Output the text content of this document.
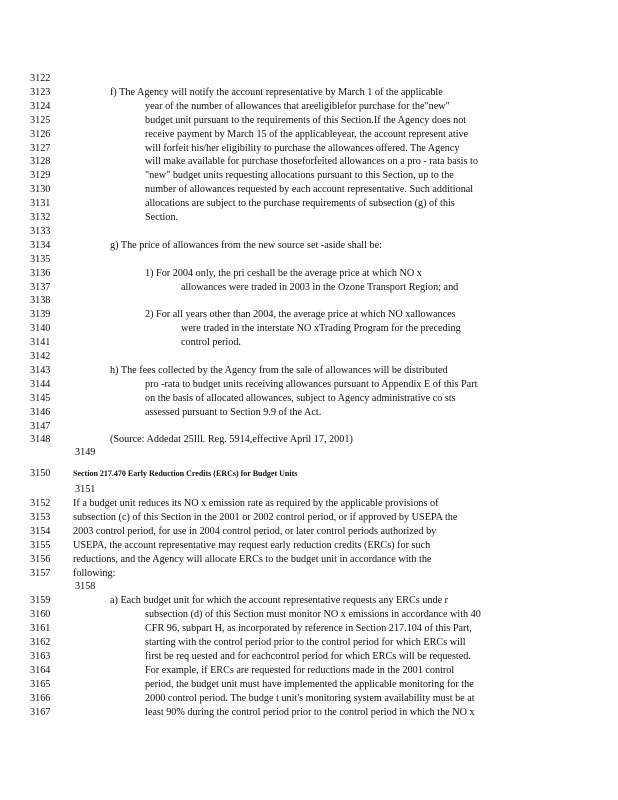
3122
3123	f) The Agency will notify the account representative by March 1 of the applicable
3124	year of the number of allowances that areeligiblefor purchase for the"new"
3125	budget unit pursuant to the requirements of this Section.If the Agency does not
3126	receive payment by March 15 of the applicableyear, the account represent ative
3127	will forfeit his/her eligibility to purchase the allowances offered. The Agency
3128	will make available for purchase thoseforfeited allowances on a pro - rata basis to
3129	"new" budget units requesting allocations pursuant to this Section, up to the
3130	number of allowances requested by each account representative. Such additional
3131	allocations are subject to the purchase requirements of subsection (g) of this
3132	Section.
3133
3134	g) The price of allowances from the new source set -aside shall be:
3135
3136	1) For 2004 only, the pri ceshall be the average price at which NO x
3137	allowances were traded in 2003 in the Ozone Transport Region; and
3138
3139	2) For all years other than 2004, the average price at which NO xallowances
3140	were traded in the interstate NO xTrading Program for the preceding
3141	control period.
3142
3143	h) The fees collected by the Agency from the sale of allowances will be distributed
3144	pro -rata to budget units receiving allowances pursuant to Appendix E of this Part
3145	on the basis of allocated allowances, subject to Agency administrative co sts
3146	assessed pursuant to Section 9.9 of the Act.
3147
3148	(Source: Addedat 25Ill. Reg. 5914,effective April 17, 2001)
3149
3150	Section 217.470 Early Reduction Credits (ERCs) for Budget Units
3151
3152 If a budget unit reduces its NO x emission rate as required by the applicable provisions of
3153 subsection (c) of this Section in the 2001 or 2002 control period, or if approved by USEPA the
3154 2003 control period, for use in 2004 control period, or later control periods authorized by
3155 USEPA, the account representative may request early reduction credits (ERCs) for such
3156 reductions, and the Agency will allocate ERCs to the budget unit in accordance with the
3157 following:
3158
3159	a) Each budget unit for which the account representative requests any ERCs unde r
3160	subsection (d) of this Section must monitor NO x emissions in accordance with 40
3161	CFR 96, subpart H, as incorporated by reference in Section 217.104 of this Part,
3162	starting with the control period prior to the control period for which ERCs will
3163	first be req uested and for eachcontrol period for which ERCs will be requested.
3164	For example, if ERCs are requested for reductions made in the 2001 control
3165	period, the budget unit must have implemented the applicable monitoring for the
3166	2000 control period. The budge t unit's monitoring system availability must be at
3167	least 90% during the control period prior to the control period in which the NO x
